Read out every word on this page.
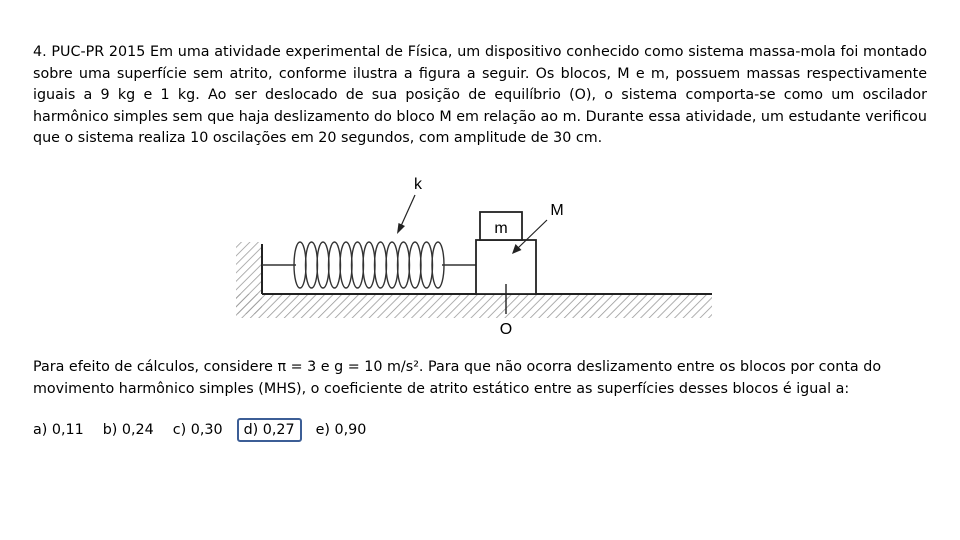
4. PUC-PR 2015 Em uma atividade experimental de Física, um dispositivo conhecido como sistema massa-mola foi montado sobre uma superfície sem atrito, conforme ilustra a figura a seguir. Os blocos, M e m, possuem massas respectivamente iguais a 9 kg e 1 kg. Ao ser deslocado de sua posição de equilíbrio (O), o sistema comporta-se como um oscilador harmônico simples sem que haja deslizamento do bloco M em relação ao m. Durante essa atividade, um estudante verificou que o sistema realiza 10 oscilações em 20 segundos, com amplitude de 30 cm.
m
k
M
O
Para efeito de cálculos, considere π = 3 e g = 10 m/s². Para que não ocorra deslizamento entre os blocos por conta do movimento harmônico simples (MHS), o coeficiente de atrito estático entre as superfícies desses blocos é igual a:
a) 0,11	b) 0,24	c) 0,30	d) 0,27	e) 0,90
